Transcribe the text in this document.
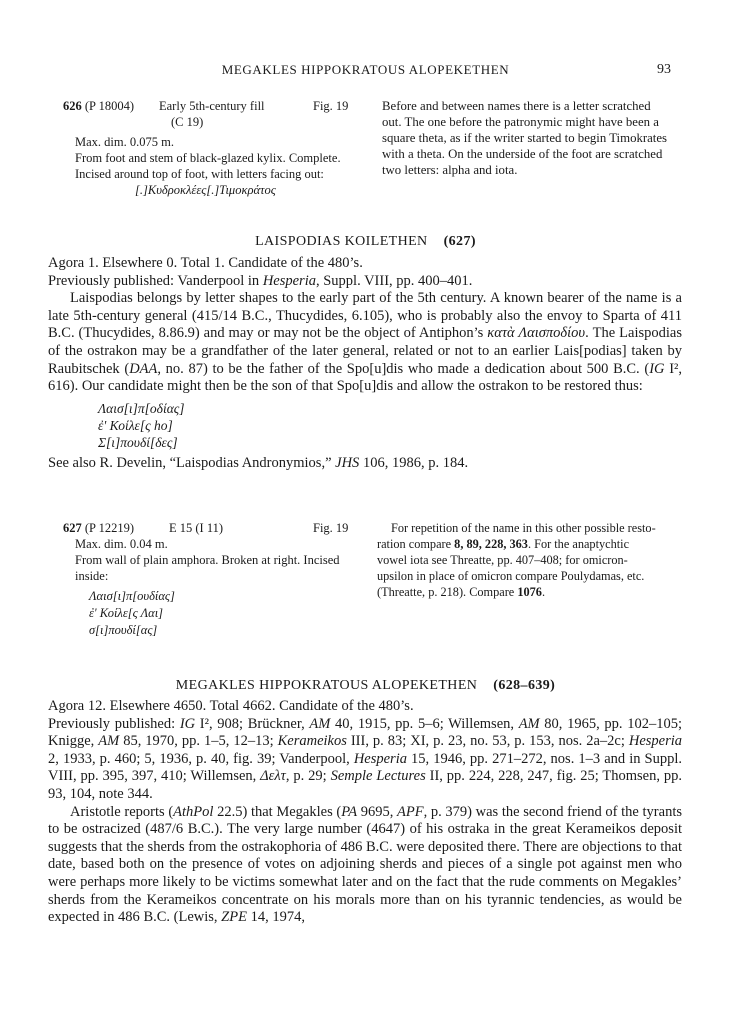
MEGAKLES HIPPOKRATOUS ALOPEKETHEN	93
626 (P 18004) Early 5th-century fill	Fig. 19
(C 19)
Max. dim. 0.075 m.
From foot and stem of black-glazed kylix. Complete.
Incised around top of foot, with letters facing out:
[.]Κυδροκλέες[.]Τιμοκράτος
Before and between names there is a letter scratched
out. The one before the patronymic might have been a
square theta, as if the writer started to begin Timokrates
with a theta. On the underside of the foot are scratched
two letters: alpha and iota.
LAISPODIAS KOILETHEN (627)

Agora 1. Elsewhere 0. Total 1. Candidate of the 480’s.

Previously published: Vanderpool in Hesperia, Suppl. VIII, pp. 400–401.

Laispodias belongs by letter shapes to the early part of the 5th century. A known bearer of the name is a late 5th-century general (415/14 B.C., Thucydides, 6.105), who is probably also the envoy to Sparta of 411 B.C. (Thucydides, 8.86.9) and may or may not be the object of Antiphon’s κατὰ Λαισποδίου. The Laispodias of the ostrakon may be a grandfather of the later general, related or not to an earlier Lais[podias] taken by Raubitschek (DAA, no. 87) to be the father of the Spo[u]dis who made a dedication about 500 B.C. (IG I², 616). Our candidate might then be the son of that Spo[u]dis and allow the ostrakon to be restored thus:

Λαισ[ι]π[οδίας]
ἐ' Κοίλε[ς hο]
Σ[ι]πουδί[δες]

See also R. Develin, “Laispodias Andronymios,” JHS 106, 1986, p. 184.

627 (P 12219)	E 15 (I 11)	Fig. 19
Max. dim. 0.04 m.
From wall of plain amphora. Broken at right. Incised
inside:
Λαισ[ι]π[ουδίας]
ἐ' Κοίλε[ς Λαι]
σ[ι]πουδί[ας]
For repetition of the name in this other possible resto-
ration compare 8, 89, 228, 363. For the anaptychtic
vowel iota see Threatte, pp. 407–408; for omicron-
upsilon in place of omicron compare Poulydamas, etc.
(Threatte, p. 218). Compare 1076.
MEGAKLES HIPPOKRATOUS ALOPEKETHEN (628–639)

Agora 12. Elsewhere 4650. Total 4662. Candidate of the 480’s.

Previously published: IG I², 908; Brückner, AM 40, 1915, pp. 5–6; Willemsen, AM 80, 1965, pp. 102–105; Knigge, AM 85, 1970, pp. 1–5, 12–13; Kerameikos III, p. 83; XI, p. 23, no. 53, p. 153, nos. 2a–2c; Hesperia 2, 1933, p. 460; 5, 1936, p. 40, fig. 39; Vanderpool, Hesperia 15, 1946, pp. 271–272, nos. 1–3 and in Suppl. VIII, pp. 395, 397, 410; Willemsen, Δελτ, p. 29; Semple Lectures II, pp. 224, 228, 247, fig. 25; Thomsen, pp. 93, 104, note 344.

Aristotle reports (AthPol 22.5) that Megakles (PA 9695, APF, p. 379) was the second friend of the tyrants to be ostracized (487/6 B.C.). The very large number (4647) of his ostraka in the great Kerameikos deposit suggests that the sherds from the ostrakophoria of 486 B.C. were deposited there. There are objections to that date, based both on the presence of votes on adjoining sherds and pieces of a single pot against men who were perhaps more likely to be victims somewhat later and on the fact that the rude comments on Megakles’ sherds from the Kerameikos concentrate on his morals more than on his tyrannic tendencies, as would be expected in 486 B.C. (Lewis, ZPE 14, 1974,
